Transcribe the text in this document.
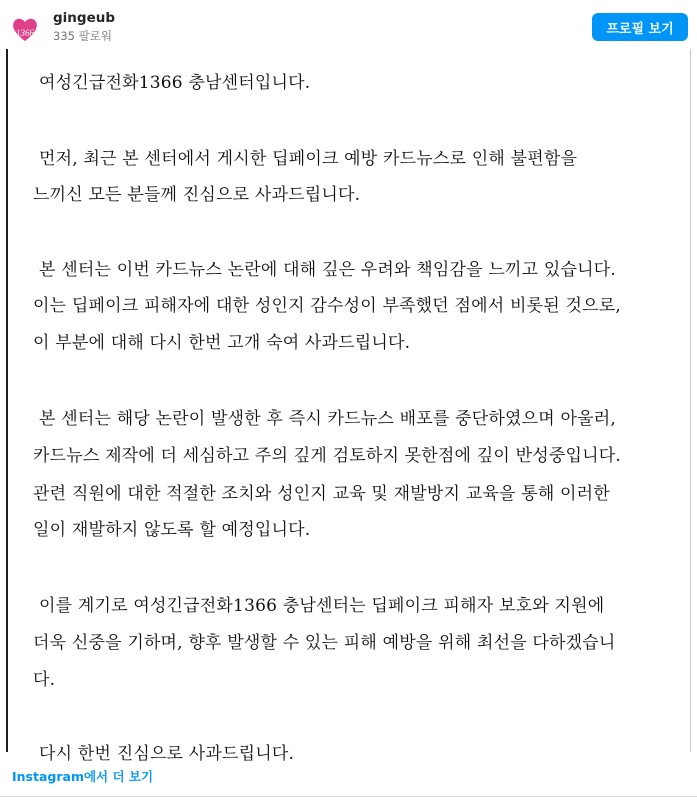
1366
gingeub
335 팔로워	프로필 보기

여성긴급전화1366 충남센터입니다.

먼저, 최근 본 센터에서 게시한 딥페이크 예방 카드뉴스로 인해 불편함을

느끼신 모든 분들께 진심으로 사과드립니다.

본 센터는 이번 카드뉴스 논란에 대해 깊은 우려와 책임감을 느끼고 있습니다.

이는 딥페이크 피해자에 대한 성인지 감수성이 부족했던 점에서 비롯된 것으로,

이 부분에 대해 다시 한번 고개 숙여 사과드립니다.

본 센터는 해당 논란이 발생한 후 즉시 카드뉴스 배포를 중단하였으며 아울러,

카드뉴스 제작에 더 세심하고 주의 깊게 검토하지 못한점에 깊이 반성중입니다.

관련 직원에 대한 적절한 조치와 성인지 교육 및 재발방지 교육을 통해 이러한

일이 재발하지 않도록 할 예정입니다.

이를 계기로 여성긴급전화1366 충남센터는 딥페이크 피해자 보호와 지원에

더욱 신중을 기하며, 향후 발생할 수 있는 피해 예방을 위해 최선을 다하겠습니

다.

다시 한번 진심으로 사과드립니다.

Instagram에서 더 보기
